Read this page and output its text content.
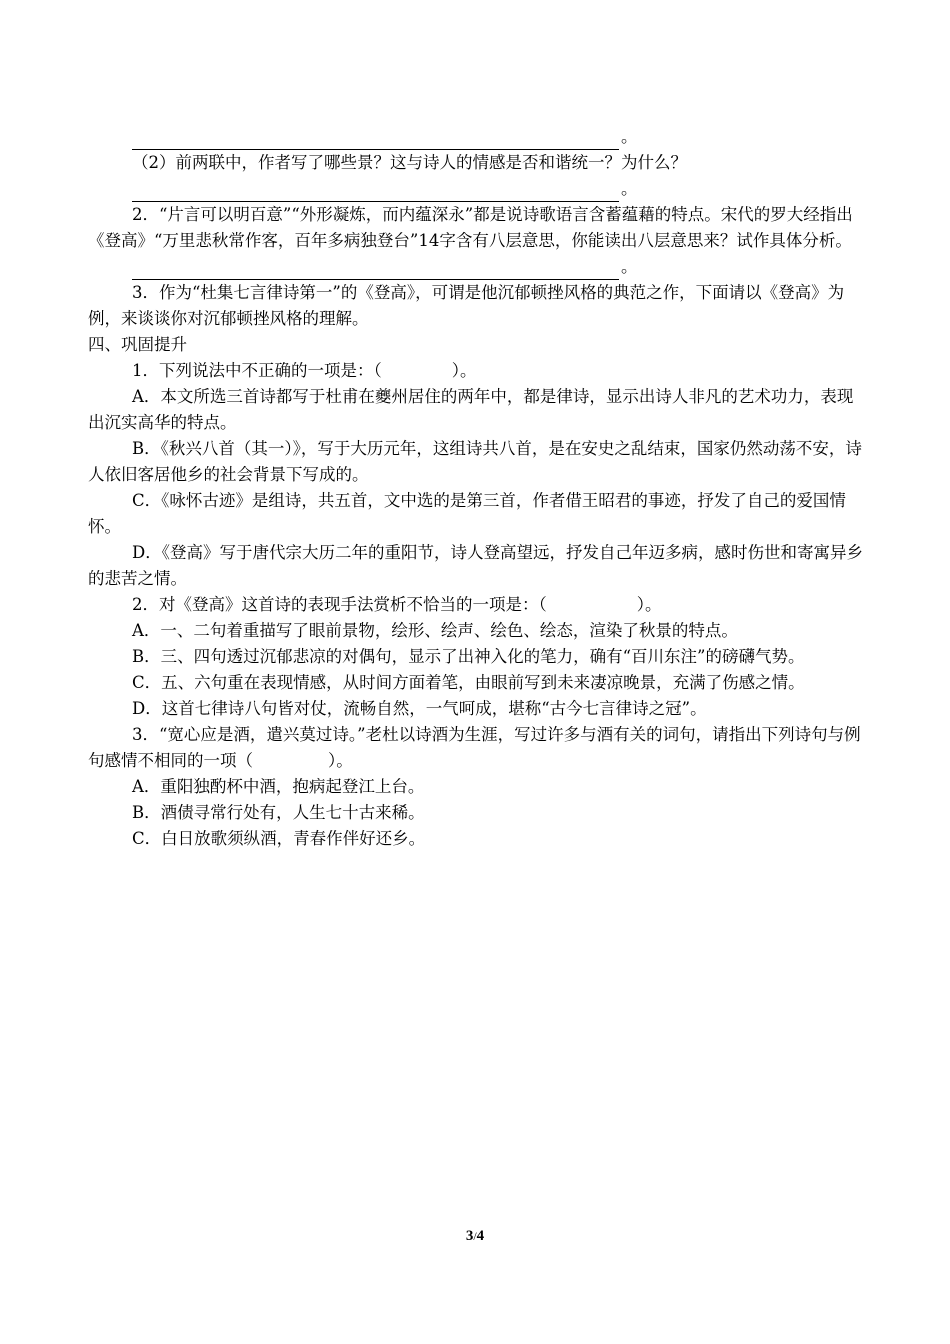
。

（2）前两联中，作者写了哪些景？这与诗人的情感是否和谐统一？为什么？

。

2．“片言可以明百意”“外形凝炼，而内蕴深永”都是说诗歌语言含蓄蕴藉的特点。宋代的罗大经指出《登高》“万里悲秋常作客，百年多病独登台”14字含有八层意思，你能读出八层意思来？试作具体分析。

。

3．作为“杜集七言律诗第一”的《登高》，可谓是他沉郁顿挫风格的典范之作，下面请以《登高》为例，来谈谈你对沉郁顿挫风格的理解。

四、巩固提升

1．下列说法中不正确的一项是：（	）。

A．本文所选三首诗都写于杜甫在夔州居住的两年中，都是律诗，显示出诗人非凡的艺术功力，表现出沉实高华的特点。

B．《秋兴八首（其一）》，写于大历元年，这组诗共八首，是在安史之乱结束，国家仍然动荡不安，诗人依旧客居他乡的社会背景下写成的。

C．《咏怀古迹》是组诗，共五首，文中选的是第三首，作者借王昭君的事迹，抒发了自己的爱国情怀。

D．《登高》写于唐代宗大历二年的重阳节，诗人登高望远，抒发自己年迈多病，感时伤世和寄寓异乡的悲苦之情。

2．对《登高》这首诗的表现手法赏析不恰当的一项是：（	）。

A．一、二句着重描写了眼前景物，绘形、绘声、绘色、绘态，渲染了秋景的特点。

B．三、四句透过沉郁悲凉的对偶句，显示了出神入化的笔力，确有“百川东注”的磅礴气势。

C．五、六句重在表现情感，从时间方面着笔，由眼前写到未来凄凉晚景，充满了伤感之情。

D．这首七律诗八句皆对仗，流畅自然，一气呵成，堪称“古今七言律诗之冠”。

3．“宽心应是酒，遣兴莫过诗。”老杜以诗酒为生涯，写过许多与酒有关的词句，请指出下列诗句与例句感情不相同的一项（	）。

A．重阳独酌杯中酒，抱病起登江上台。

B．酒债寻常行处有，人生七十古来稀。

C．白日放歌须纵酒，青春作伴好还乡。

3/4
